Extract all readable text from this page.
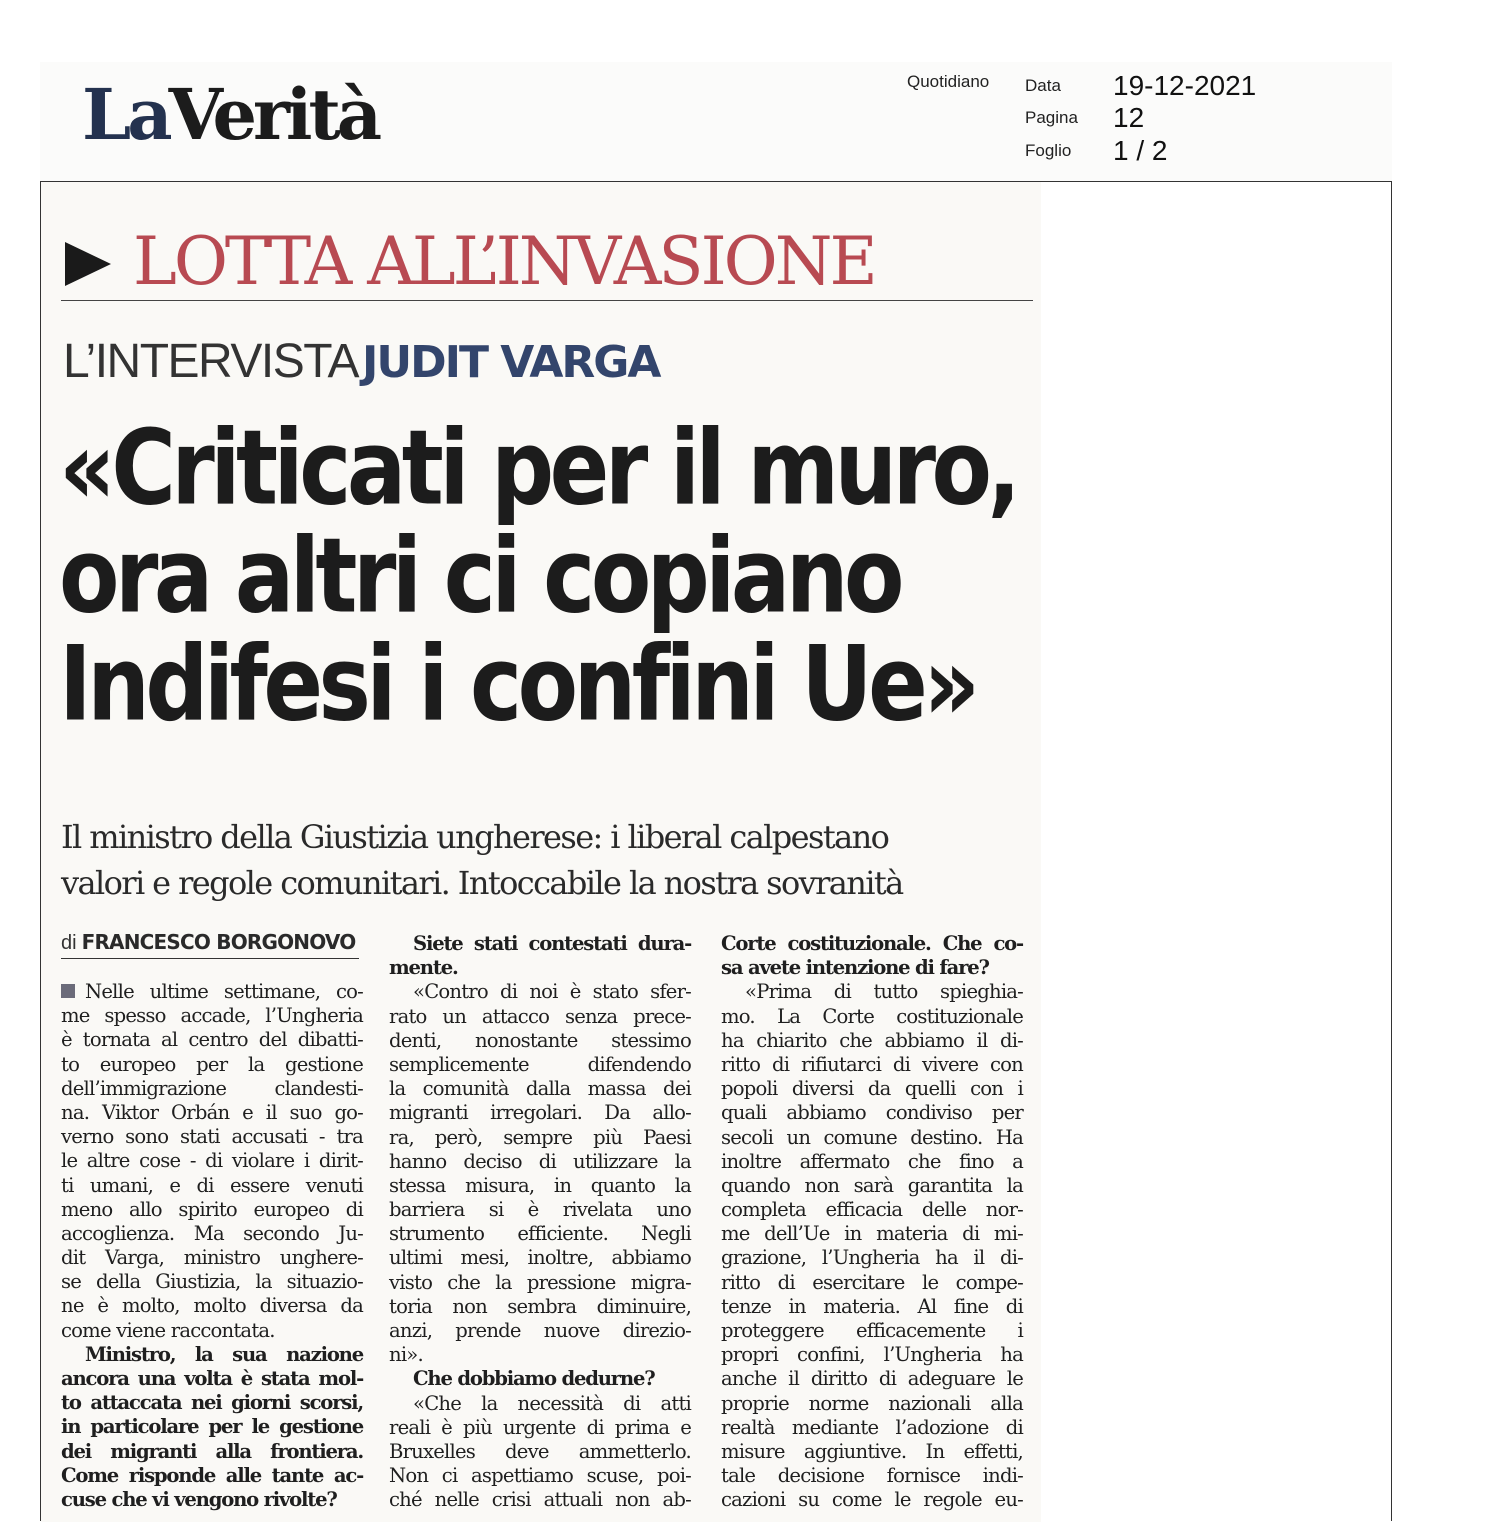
LaVerità	Quotidiano Data 19-12-2021
Pagina 12
Foglio 1 / 2
LOTTA ALL’INVASIONE
L’INTERVISTA JUDIT VARGA
«Criticati per il muro,
ora altri ci copiano
Indifesi i confini Ue»
Il ministro della Giustizia ungherese: i liberal calpestano
valori e regole comunitari. Intoccabile la nostra sovranità
di FRANCESCO BORGONOVO
Nelle ultime settimane, co-
me spesso accade, l’Ungheria
è tornata al centro del dibatti-
to europeo per la gestione
dell’immigrazione clandesti-
na. Viktor Orbán e il suo go-
verno sono stati accusati - tra
le altre cose - di violare i dirit-
ti umani, e di essere venuti
meno allo spirito europeo di
accoglienza. Ma secondo Ju-
dit Varga, ministro unghere-
se della Giustizia, la situazio-
ne è molto, molto diversa da
come viene raccontata.
Ministro, la sua nazione
ancora una volta è stata mol-
to attaccata nei giorni scorsi,
in particolare per le gestione
dei migranti alla frontiera.
Come risponde alle tante ac-
cuse che vi vengono rivolte?
Siete stati contestati dura-
mente.
«Contro di noi è stato sfer-
rato un attacco senza prece-
denti, nonostante stessimo
semplicemente difendendo
la comunità dalla massa dei
migranti irregolari. Da allo-
ra, però, sempre più Paesi
hanno deciso di utilizzare la
stessa misura, in quanto la
barriera si è rivelata uno
strumento efficiente. Negli
ultimi mesi, inoltre, abbiamo
visto che la pressione migra-
toria non sembra diminuire,
anzi, prende nuove direzio-
ni».
Che dobbiamo dedurne?
«Che la necessità di atti
reali è più urgente di prima e
Bruxelles deve ammetterlo.
Non ci aspettiamo scuse, poi-
ché nelle crisi attuali non ab-
Corte costituzionale. Che co-
sa avete intenzione di fare?
«Prima di tutto spieghia-
mo. La Corte costituzionale
ha chiarito che abbiamo il di-
ritto di rifiutarci di vivere con
popoli diversi da quelli con i
quali abbiamo condiviso per
secoli un comune destino. Ha
inoltre affermato che fino a
quando non sarà garantita la
completa efficacia delle nor-
me dell’Ue in materia di mi-
grazione, l’Ungheria ha il di-
ritto di esercitare le compe-
tenze in materia. Al fine di
proteggere efficacemente i
propri confini, l’Ungheria ha
anche il diritto di adeguare le
proprie norme nazionali alla
realtà mediante l’adozione di
misure aggiuntive. In effetti,
tale decisione fornisce indi-
cazioni su come le regole eu-
